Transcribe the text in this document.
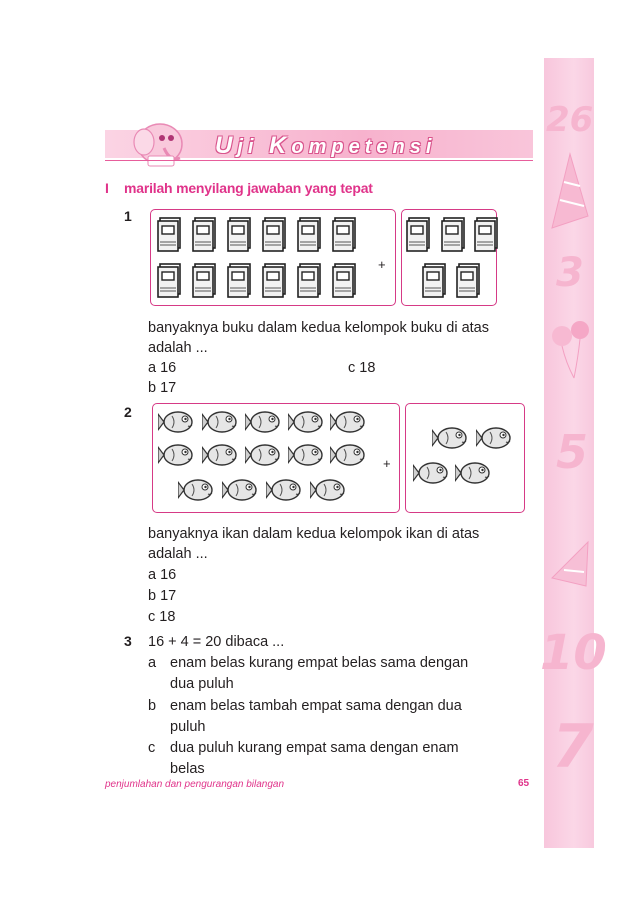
26
3
5
10
7
Uji Kompetensi
I marilah menyilang jawaban yang tepat
1
+
banyaknya buku dalam kedua kelompok buku di atas
adalah ...
a 16	c 18
b 17
2
+
banyaknya ikan dalam kedua kelompok ikan di atas
adalah ...
a 16
b 17
c 18
3 16 + 4 = 20 dibaca ...
a enam belas kurang empat belas sama dengan
dua puluh
b enam belas tambah empat sama dengan dua
puluh
c dua puluh kurang empat sama dengan enam
belas
penjumlahan dan pengurangan bilangan	65
